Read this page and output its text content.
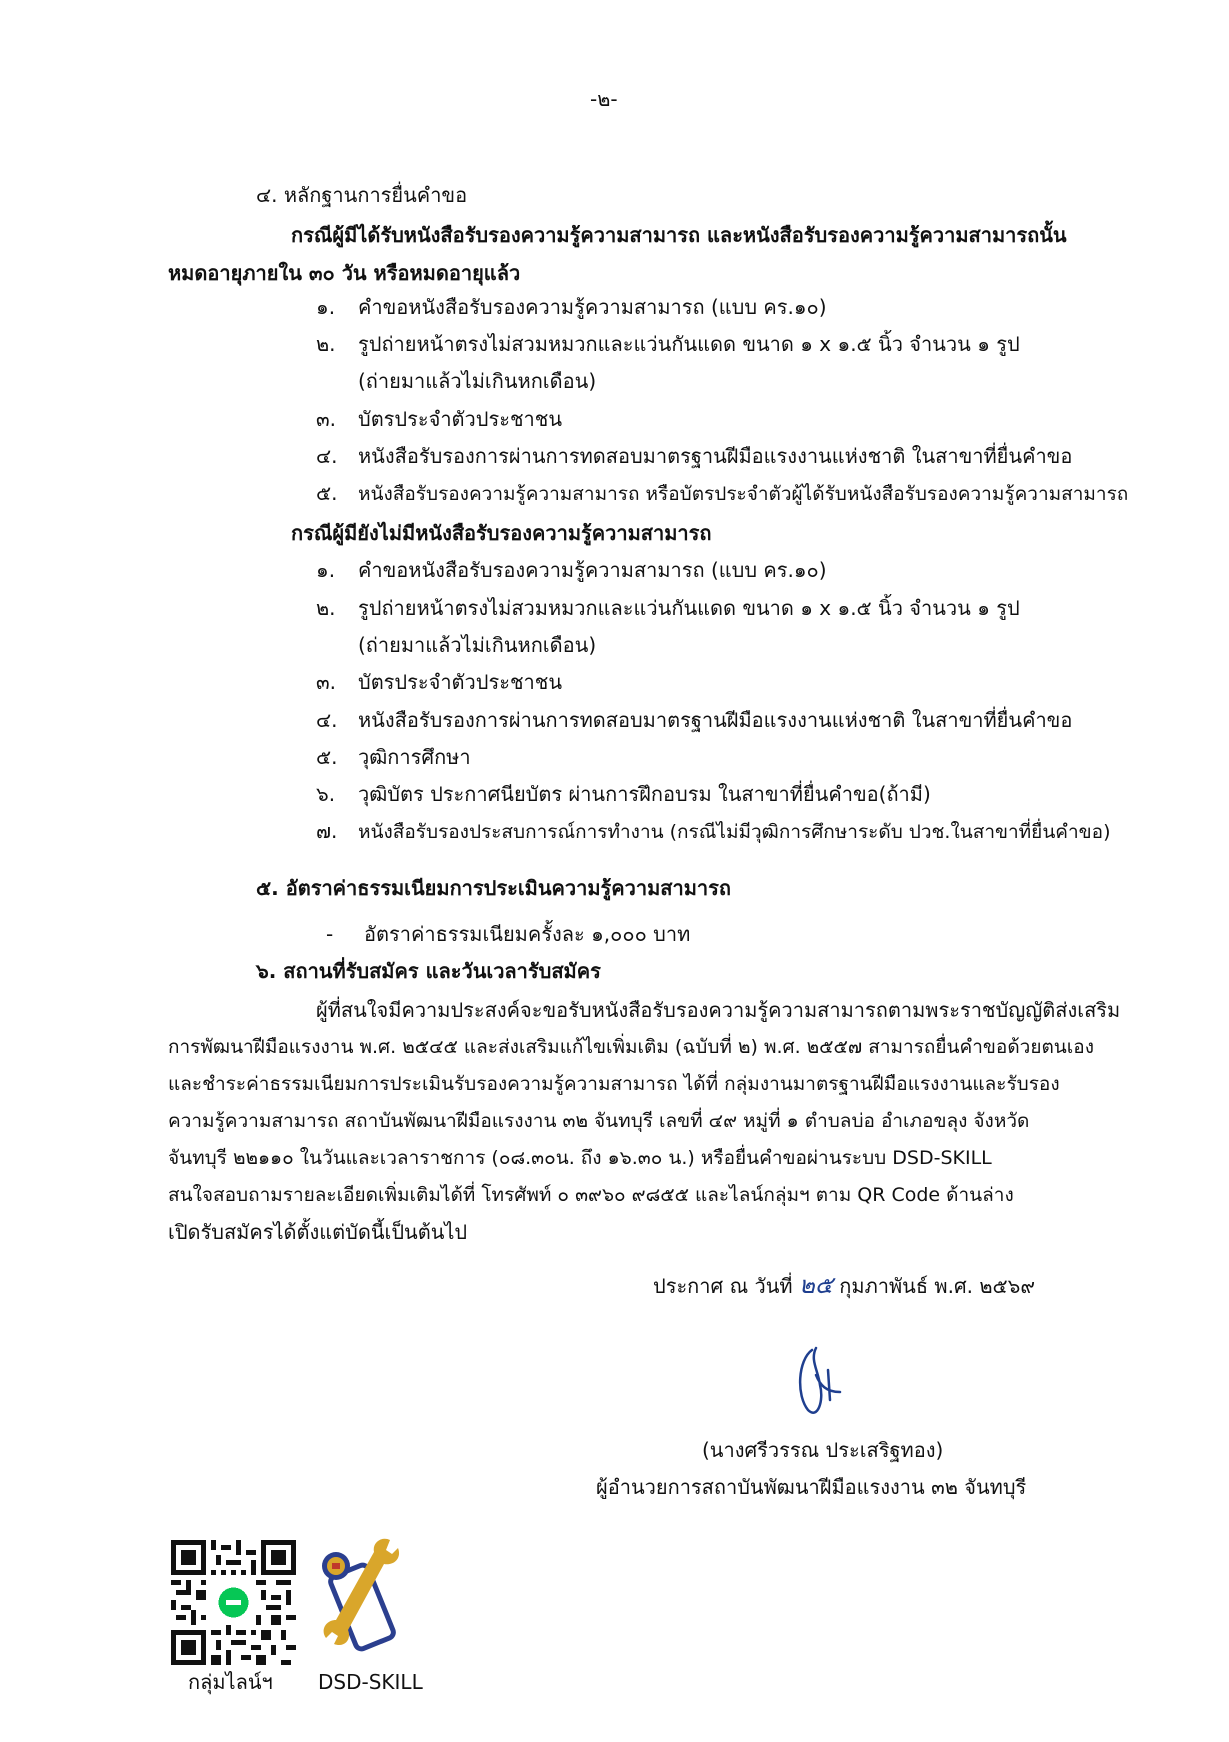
-๒-
๔. หลักฐานการยื่นคำขอ
กรณีผู้มีได้รับหนังสือรับรองความรู้ความสามารถ และหนังสือรับรองความรู้ความสามารถนั้น
หมดอายุภายใน ๓๐ วัน หรือหมดอายุแล้ว
๑. คำขอหนังสือรับรองความรู้ความสามารถ (แบบ คร.๑๐)
๒. รูปถ่ายหน้าตรงไม่สวมหมวกและแว่นกันแดด ขนาด ๑ x ๑.๕ นิ้ว จำนวน ๑ รูป
(ถ่ายมาแล้วไม่เกินหกเดือน)
๓. บัตรประจำตัวประชาชน
๔. หนังสือรับรองการผ่านการทดสอบมาตรฐานฝีมือแรงงานแห่งชาติ ในสาขาที่ยื่นคำขอ
๕. หนังสือรับรองความรู้ความสามารถ หรือบัตรประจำตัวผู้ได้รับหนังสือรับรองความรู้ความสามารถ
กรณีผู้มียังไม่มีหนังสือรับรองความรู้ความสามารถ
๑. คำขอหนังสือรับรองความรู้ความสามารถ (แบบ คร.๑๐)
๒. รูปถ่ายหน้าตรงไม่สวมหมวกและแว่นกันแดด ขนาด ๑ x ๑.๕ นิ้ว จำนวน ๑ รูป
(ถ่ายมาแล้วไม่เกินหกเดือน)
๓. บัตรประจำตัวประชาชน
๔. หนังสือรับรองการผ่านการทดสอบมาตรฐานฝีมือแรงงานแห่งชาติ ในสาขาที่ยื่นคำขอ
๕. วุฒิการศึกษา
๖. วุฒิบัตร ประกาศนียบัตร ผ่านการฝึกอบรม ในสาขาที่ยื่นคำขอ(ถ้ามี)
๗. หนังสือรับรองประสบการณ์การทำงาน (กรณีไม่มีวุฒิการศึกษาระดับ ปวช.ในสาขาที่ยื่นคำขอ)
๕. อัตราค่าธรรมเนียมการประเมินความรู้ความสามารถ
- อัตราค่าธรรมเนียมครั้งละ ๑,๐๐๐ บาท
๖. สถานที่รับสมัคร และวันเวลารับสมัคร

ผู้ที่สนใจมีความประสงค์จะขอรับหนังสือรับรองความรู้ความสามารถตามพระราชบัญญัติส่งเสริม

การพัฒนาฝีมือแรงงาน พ.ศ. ๒๕๔๕ และส่งเสริมแก้ไขเพิ่มเติม (ฉบับที่ ๒) พ.ศ. ๒๕๕๗ สามารถยื่นคำขอด้วยตนเอง

และชำระค่าธรรมเนียมการประเมินรับรองความรู้ความสามารถ ได้ที่ กลุ่มงานมาตรฐานฝีมือแรงงานและรับรอง

ความรู้ความสามารถ สถาบันพัฒนาฝีมือแรงงาน ๓๒ จันทบุรี เลขที่ ๔๙ หมู่ที่ ๑ ตำบลบ่อ อำเภอขลุง จังหวัด

จันทบุรี ๒๒๑๑๐ ในวันและเวลาราชการ (๐๘.๓๐น. ถึง ๑๖.๓๐ น.) หรือยื่นคำขอผ่านระบบ DSD-SKILL

สนใจสอบถามรายละเอียดเพิ่มเติมได้ที่ โทรศัพท์ ๐ ๓๙๖๐ ๙๘๕๕ และไลน์กลุ่มฯ ตาม QR Code ด้านล่าง

เปิดรับสมัครได้ตั้งแต่บัดนี้เป็นต้นไป

ประกาศ ณ วันที่ ๒๕ กุมภาพันธ์ พ.ศ. ๒๕๖๙
(นางศรีวรรณ ประเสริฐทอง)
ผู้อำนวยการสถาบันพัฒนาฝีมือแรงงาน ๓๒ จันทบุรี
กลุ่มไลน์ฯ DSD-SKILL
